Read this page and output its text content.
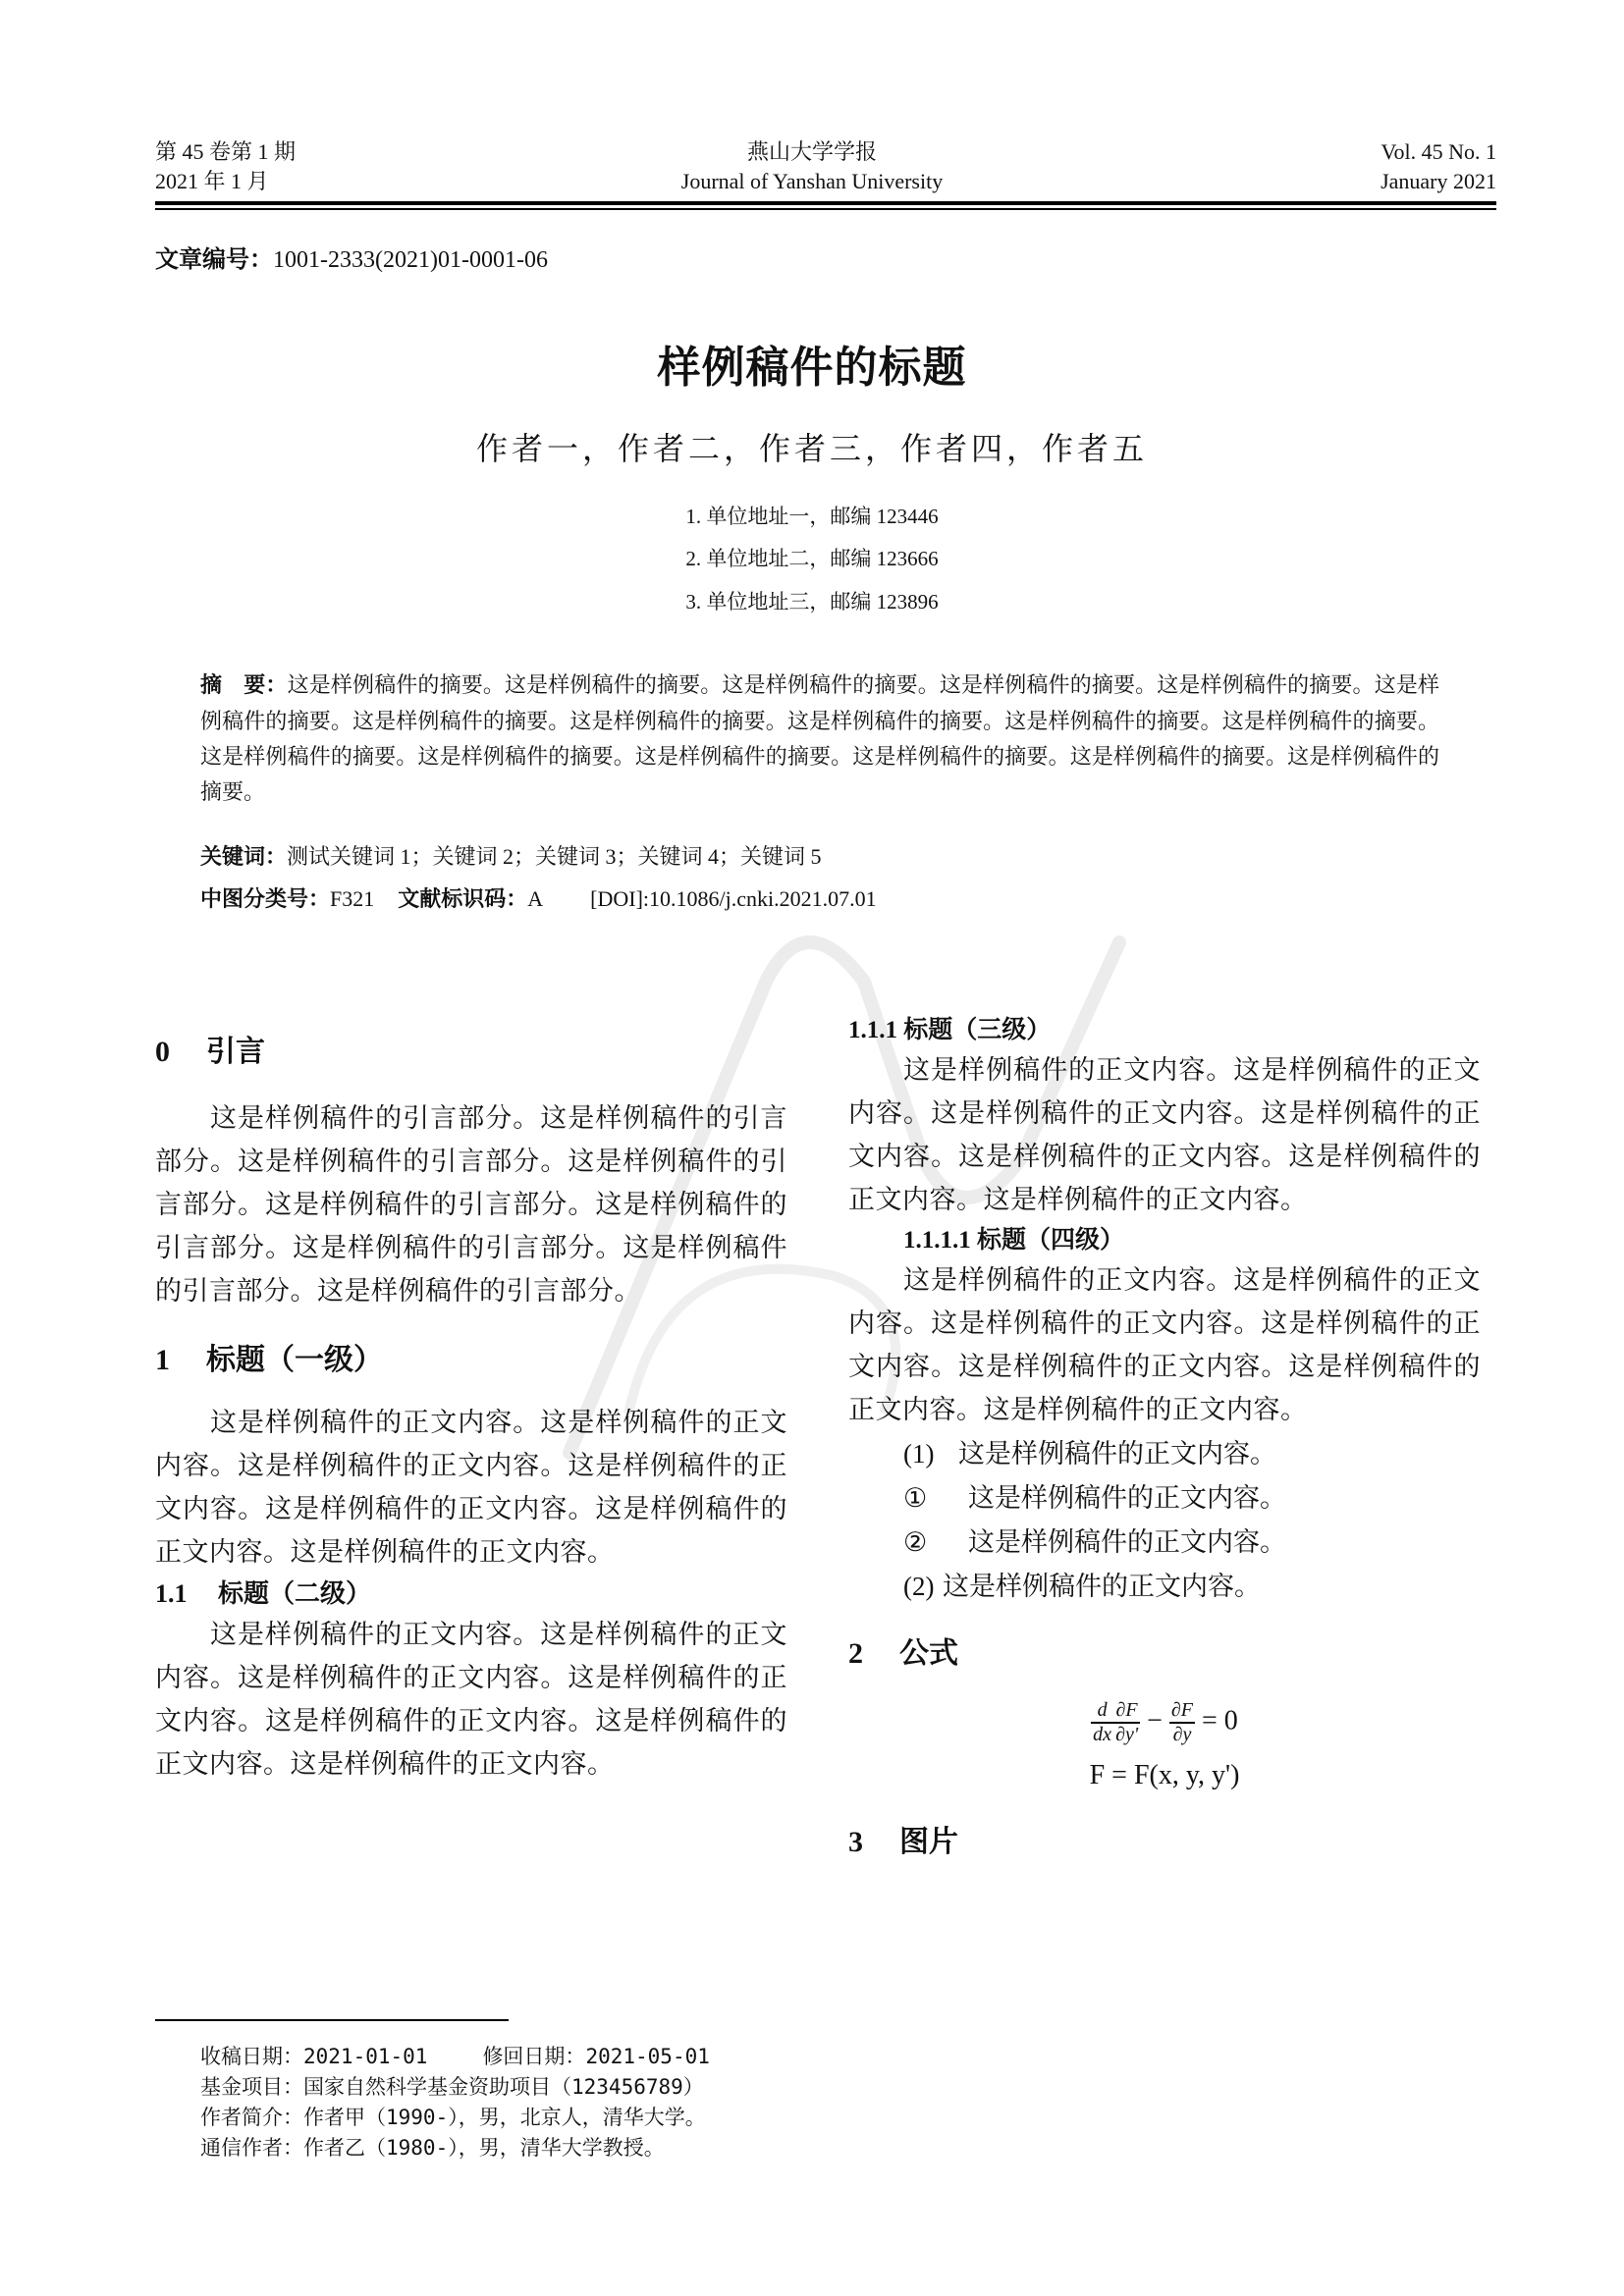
第 45 卷第 1 期
2021 年 1 月
燕山大学学报
Journal of Yanshan University
Vol. 45 No. 1
January 2021
文章编号：1001-2333(2021)01-0001-06
样例稿件的标题
作者一，作者二，作者三，作者四，作者五
1. 单位地址一，邮编 123446
2. 单位地址二，邮编 123666
3. 单位地址三，邮编 123896
摘　要：这是样例稿件的摘要。这是样例稿件的摘要。这是样例稿件的摘要。这是样例稿件的摘要。这是样例稿件的摘要。这是样例稿件的摘要。这是样例稿件的摘要。这是样例稿件的摘要。这是样例稿件的摘要。这是样例稿件的摘要。这是样例稿件的摘要。这是样例稿件的摘要。这是样例稿件的摘要。这是样例稿件的摘要。这是样例稿件的摘要。这是样例稿件的摘要。这是样例稿件的摘要。
关键词：测试关键词 1；关键词 2；关键词 3；关键词 4；关键词 5
中图分类号：F321 文献标识码：A [DOI]:10.1086/j.cnki.2021.07.01
0 引言

这是样例稿件的引言部分。这是样例稿件的引言部分。这是样例稿件的引言部分。这是样例稿件的引言部分。这是样例稿件的引言部分。这是样例稿件的引言部分。这是样例稿件的引言部分。这是样例稿件的引言部分。这是样例稿件的引言部分。

1 标题（一级）

这是样例稿件的正文内容。这是样例稿件的正文内容。这是样例稿件的正文内容。这是样例稿件的正文内容。这是样例稿件的正文内容。这是样例稿件的正文内容。这是样例稿件的正文内容。

1.1 标题（二级）

这是样例稿件的正文内容。这是样例稿件的正文内容。这是样例稿件的正文内容。这是样例稿件的正文内容。这是样例稿件的正文内容。这是样例稿件的正文内容。这是样例稿件的正文内容。

1.1.1 标题（三级）

这是样例稿件的正文内容。这是样例稿件的正文内容。这是样例稿件的正文内容。这是样例稿件的正文内容。这是样例稿件的正文内容。这是样例稿件的正文内容。这是样例稿件的正文内容。

1.1.1.1 标题（四级）

这是样例稿件的正文内容。这是样例稿件的正文内容。这是样例稿件的正文内容。这是样例稿件的正文内容。这是样例稿件的正文内容。这是样例稿件的正文内容。这是样例稿件的正文内容。

(1) 这是样例稿件的正文内容。
① 这是样例稿件的正文内容。
② 这是样例稿件的正文内容。
(2) 这是样例稿件的正文内容。
2 公式
$\frac{d}{dx} \frac{\partial F}{\partial y'} - \frac{\partial F}{\partial y} = 0$
F = F(x, y, y')
3 图片
收稿日期：2021-01-01	修回日期：2021-05-01
基金项目：国家自然科学基金资助项目（123456789）
作者简介：作者甲（1990-），男，北京人，清华大学。
通信作者：作者乙（1980-），男，清华大学教授。
